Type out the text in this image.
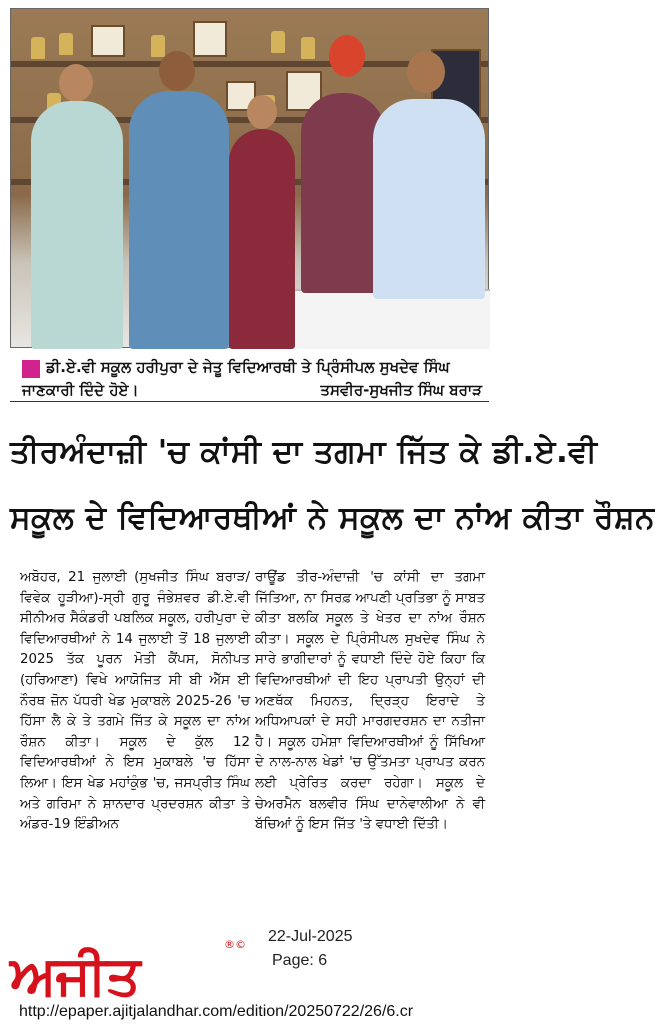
ਡੀ.ਏ.ਵੀ ਸਕੂਲ ਹਰੀਪੁਰਾ ਦੇ ਜੇਤੂ ਵਿਦਿਆਰਥੀ ਤੇ ਪ੍ਰਿੰਸੀਪਲ ਸੁਖਦੇਵ ਸਿੰਘ
ਜਾਣਕਾਰੀ ਦਿੰਦੇ ਹੋਏ।	ਤਸਵੀਰ-ਸੁਖਜੀਤ ਸਿੰਘ ਬਰਾੜ
ਤੀਰਅੰਦਾਜ਼ੀ 'ਚ ਕਾਂਸੀ ਦਾ ਤਗਮਾ ਜਿੱਤ ਕੇ ਡੀ.ਏ.ਵੀ
ਸਕੂਲ ਦੇ ਵਿਦਿਆਰਥੀਆਂ ਨੇ ਸਕੂਲ ਦਾ ਨਾਂਅ ਕੀਤਾ ਰੌਸ਼ਨ

ਅਬੋਹਰ, 21 ਜੁਲਾਈ (ਸੁਖਜੀਤ ਸਿੰਘ ਬਰਾੜ/ਵਿਵੇਕ ਹੂੜੀਆ)-ਸ੍ਰੀ ਗੁਰੂ ਜੰਭੇਸ਼ਵਰ ਡੀ.ਏ.ਵੀ ਸੀਨੀਅਰ ਸੈਕੰਡਰੀ ਪਬਲਿਕ ਸਕੂਲ, ਹਰੀਪੁਰਾ ਦੇ ਵਿਦਿਆਰਥੀਆਂ ਨੇ 14 ਜੁਲਾਈ ਤੋਂ 18 ਜੁਲਾਈ 2025 ਤੱਕ ਪੂਰਨ ਮੋਤੀ ਕੈਂਪਸ, ਸੋਨੀਪਤ (ਹਰਿਆਣਾ) ਵਿਖੇ ਆਯੋਜਿਤ ਸੀ ਬੀ ਐੱਸ ਈ ਨੌਰਥ ਜ਼ੋਨ ਪੱਧਰੀ ਖੇਡ ਮੁਕਾਬਲੇ 2025-26 'ਚ ਹਿੱਸਾ ਲੈ ਕੇ ਤੇ ਤਗਮੇ ਜਿੱਤ ਕੇ ਸਕੂਲ ਦਾ ਨਾਂਅ ਰੌਸ਼ਨ ਕੀਤਾ। ਸਕੂਲ ਦੇ ਕੁੱਲ 12 ਵਿਦਿਆਰਥੀਆਂ ਨੇ ਇਸ ਮੁਕਾਬਲੇ 'ਚ ਹਿੱਸਾ ਲਿਆ। ਇਸ ਖੇਡ ਮਹਾਂਕੁੰਭ 'ਚ, ਜਸਪ੍ਰੀਤ ਸਿੰਘ ਅਤੇ ਗਰਿਮਾ ਨੇ ਸ਼ਾਨਦਾਰ ਪ੍ਰਦਰਸ਼ਨ ਕੀਤਾ ਤੇ ਅੰਡਰ-19 ਇੰਡੀਅਨ

ਰਾਊਂਡ ਤੀਰ-ਅੰਦਾਜ਼ੀ 'ਚ ਕਾਂਸੀ ਦਾ ਤਗਮਾ ਜਿੱਤਿਆ, ਨਾ ਸਿਰਫ਼ ਆਪਣੀ ਪ੍ਰਤਿਭਾ ਨੂੰ ਸਾਬਤ ਕੀਤਾ ਬਲਕਿ ਸਕੂਲ ਤੇ ਖੇਤਰ ਦਾ ਨਾਂਅ ਰੌਸ਼ਨ ਕੀਤਾ। ਸਕੂਲ ਦੇ ਪ੍ਰਿੰਸੀਪਲ ਸੁਖਦੇਵ ਸਿੰਘ ਨੇ ਸਾਰੇ ਭਾਗੀਦਾਰਾਂ ਨੂੰ ਵਧਾਈ ਦਿੰਦੇ ਹੋਏ ਕਿਹਾ ਕਿ ਵਿਦਿਆਰਥੀਆਂ ਦੀ ਇਹ ਪ੍ਰਾਪਤੀ ਉਨ੍ਹਾਂ ਦੀ ਅਣਥੱਕ ਮਿਹਨਤ, ਦ੍ਰਿੜ੍ਹ ਇਰਾਦੇ ਤੇ ਅਧਿਆਪਕਾਂ ਦੇ ਸਹੀ ਮਾਰਗਦਰਸ਼ਨ ਦਾ ਨਤੀਜਾ ਹੈ। ਸਕੂਲ ਹਮੇਸ਼ਾ ਵਿਦਿਆਰਥੀਆਂ ਨੂੰ ਸਿੱਖਿਆ ਦੇ ਨਾਲ-ਨਾਲ ਖੇਡਾਂ 'ਚ ਉੱਤਮਤਾ ਪ੍ਰਾਪਤ ਕਰਨ ਲਈ ਪ੍ਰੇਰਿਤ ਕਰਦਾ ਰਹੇਗਾ। ਸਕੂਲ ਦੇ ਚੇਅਰਮੈਨ ਬਲਵੀਰ ਸਿੰਘ ਦਾਨੇਵਾਲੀਆ ਨੇ ਵੀ ਬੱਚਿਆਂ ਨੂੰ ਇਸ ਜਿੱਤ 'ਤੇ ਵਧਾਈ ਦਿੱਤੀ।

ਅਜੀਤ	®© 22-Jul-2025
Page: 6
http://epaper.ajitjalandhar.com/edition/20250722/26/6.cr
